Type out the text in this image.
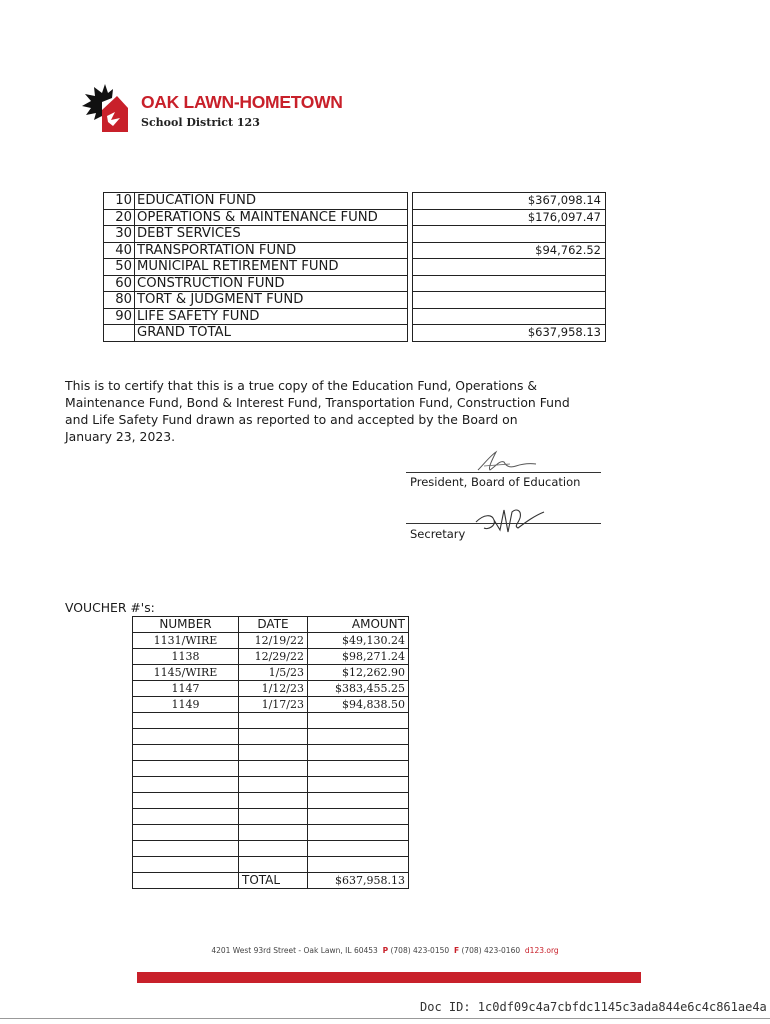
OAK LAWN-HOMETOWN
School District 123
10	EDUCATION FUND		$367,098.14
20	OPERATIONS & MAINTENANCE FUND		$176,097.47
30	DEBT SERVICES		
40	TRANSPORTATION FUND		$94,762.52
50	MUNICIPAL RETIREMENT FUND		
60	CONSTRUCTION FUND		
80	TORT & JUDGMENT FUND		
90	LIFE SAFETY FUND		
	GRAND TOTAL		$637,958.13
This is to certify that this is a true copy of the Education Fund, Operations &
Maintenance Fund, Bond & Interest Fund, Transportation Fund, Construction Fund
and Life Safety Fund drawn as reported to and accepted by the Board on
January 23, 2023.
President, Board of Education
Secretary
VOUCHER #'s:
NUMBER	DATE	AMOUNT
1131/WIRE	12/19/22	$49,130.24
1138	12/29/22	$98,271.24
1145/WIRE	1/5/23	$12,262.90
1147	1/12/23	$383,455.25
1149	1/17/23	$94,838.50

	TOTAL	$637,958.13
4201 West 93rd Street - Oak Lawn, IL 60453 P (708) 423-0150 F (708) 423-0160 d123.org
Doc ID: 1c0df09c4a7cbfdc1145c3ada844e6c4c861ae4a
